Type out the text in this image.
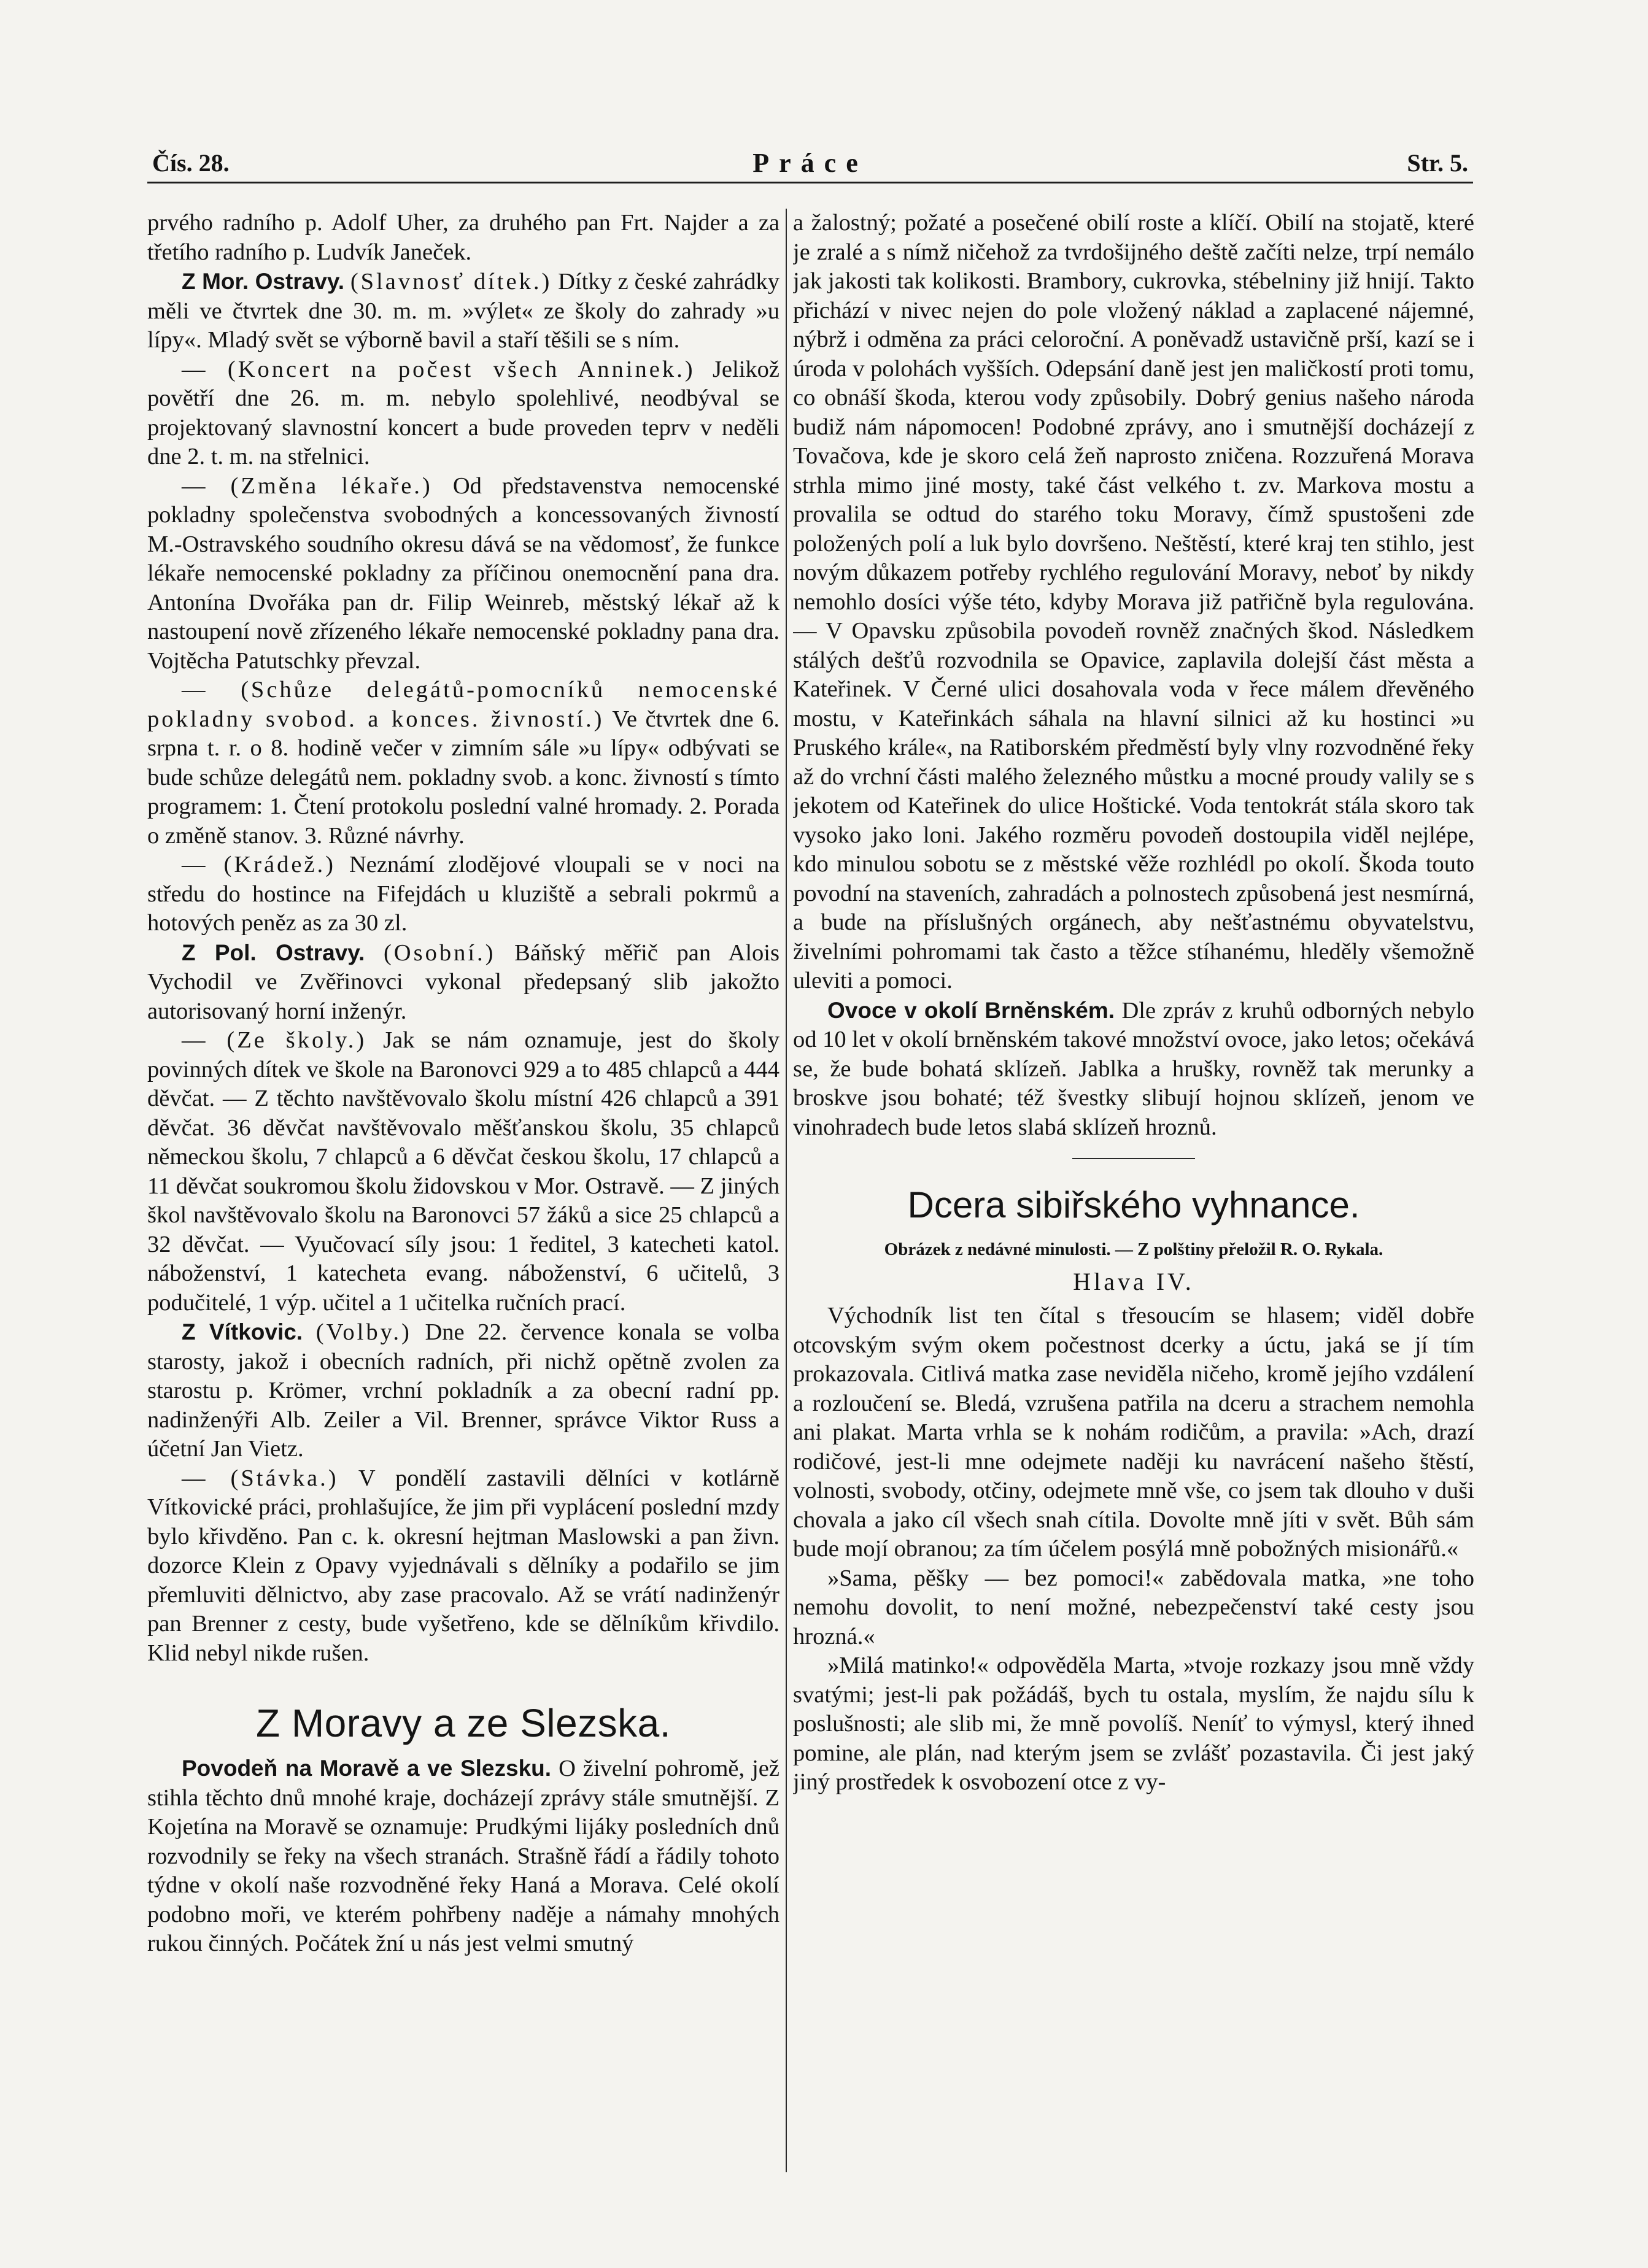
Čís. 28.	Práce	Str. 5.

prvého radního p. Adolf Uher, za druhého pan Frt. Najder a za třetího radního p. Ludvík Janeček.

Z Mor. Ostravy. (Slavnosť dítek.) Dítky z české zahrádky měli ve čtvrtek dne 30. m. m. »výlet« ze školy do zahrady »u lípy«. Mladý svět se výborně bavil a staří těšili se s ním.

— (Koncert na počest všech Anninek.) Jelikož povětří dne 26. m. m. nebylo spolehlivé, neodbýval se projektovaný slavnostní koncert a bude proveden teprv v neděli dne 2. t. m. na střelnici.

— (Změna lékaře.) Od představenstva nemocenské pokladny společenstva svobodných a koncessovaných živností M.-Ostravského soudního okresu dává se na vědomosť, že funkce lékaře nemocenské pokladny za příčinou onemocnění pana dra. Antonína Dvořáka pan dr. Filip Weinreb, městský lékař až k nastoupení nově zřízeného lékaře nemocenské pokladny pana dra. Vojtěcha Patutschky převzal.

— (Schůze delegátů-pomocníků nemocenské pokladny svobod. a konces. živností.) Ve čtvrtek dne 6. srpna t. r. o 8. hodině večer v zimním sále »u lípy« odbývati se bude schůze delegátů nem. pokladny svob. a konc. živností s tímto programem: 1. Čtení protokolu poslední valné hromady. 2. Porada o změně stanov. 3. Různé návrhy.

— (Krádež.) Neznámí zlodějové vloupali se v noci na středu do hostince na Fifejdách u kluziště a sebrali pokrmů a hotových peněz as za 30 zl.

Z Pol. Ostravy. (Osobní.) Báňský měřič pan Alois Vychodil ve Zvěřinovci vykonal předepsaný slib jakožto autorisovaný horní inženýr.

— (Ze školy.) Jak se nám oznamuje, jest do školy povinných dítek ve škole na Baronovci 929 a to 485 chlapců a 444 děvčat. — Z těchto navštěvovalo školu místní 426 chlapců a 391 děvčat. 36 děvčat navštěvovalo měšťanskou školu, 35 chlapců německou školu, 7 chlapců a 6 děvčat českou školu, 17 chlapců a 11 děvčat soukromou školu židovskou v Mor. Ostravě. — Z jiných škol navštěvovalo školu na Baronovci 57 žáků a sice 25 chlapců a 32 děvčat. — Vyučovací síly jsou: 1 ředitel, 3 katecheti katol. náboženství, 1 katecheta evang. náboženství, 6 učitelů, 3 podučitelé, 1 výp. učitel a 1 učitelka ručních prací.

Z Vítkovic. (Volby.) Dne 22. července konala se volba starosty, jakož i obecních radních, při nichž opětně zvolen za starostu p. Krömer, vrchní pokladník a za obecní radní pp. nadinženýři Alb. Zeiler a Vil. Brenner, správce Viktor Russ a účetní Jan Vietz.

— (Stávka.) V pondělí zastavili dělníci v kotlárně Vítkovické práci, prohlašujíce, že jim při vyplácení poslední mzdy bylo křivděno. Pan c. k. okresní hejtman Maslowski a pan živn. dozorce Klein z Opavy vyjednávali s dělníky a podařilo se jim přemluviti dělnictvo, aby zase pracovalo. Až se vrátí nadinženýr pan Brenner z cesty, bude vyšetřeno, kde se dělníkům křivdilo. Klid nebyl nikde rušen.

Z Moravy a ze Slezska.

Povodeň na Moravě a ve Slezsku. O živelní pohromě, jež stihla těchto dnů mnohé kraje, docházejí zprávy stále smutnější. Z Kojetína na Moravě se oznamuje: Prudkými lijáky posledních dnů rozvodnily se řeky na všech stranách. Strašně řádí a řádily tohoto týdne v okolí naše rozvodněné řeky Haná a Morava. Celé okolí podobno moři, ve kterém pohřbeny naděje a námahy mnohých rukou činných. Počátek žní u nás jest velmi smutný

a žalostný; požaté a posečené obilí roste a klíčí. Obilí na stojatě, které je zralé a s nímž ničehož za tvrdošijného deště začíti nelze, trpí nemálo jak jakosti tak kolikosti. Brambory, cukrovka, stébelniny již hnijí. Takto přichází v nivec nejen do pole vložený náklad a zaplacené nájemné, nýbrž i odměna za práci celoroční. A poněvadž ustavičně prší, kazí se i úroda v polohách vyšších. Odepsání daně jest jen maličkostí proti tomu, co obnáší škoda, kterou vody způsobily. Dobrý genius našeho národa budiž nám nápomocen! Podobné zprávy, ano i smutnější docházejí z Tovačova, kde je skoro celá žeň naprosto zničena. Rozzuřená Morava strhla mimo jiné mosty, také část velkého t. zv. Markova mostu a provalila se odtud do starého toku Moravy, čímž spustošeni zde položených polí a luk bylo dovršeno. Neštěstí, které kraj ten stihlo, jest novým důkazem potřeby rychlého regulování Moravy, neboť by nikdy nemohlo dosíci výše této, kdyby Morava již patřičně byla regulována. — V Opavsku způsobila povodeň rovněž značných škod. Následkem stálých dešťů rozvodnila se Opavice, zaplavila dolejší část města a Kateřinek. V Černé ulici dosahovala voda v řece málem dřevěného mostu, v Kateřinkách sáhala na hlavní silnici až ku hostinci »u Pruského krále«, na Ratiborském předměstí byly vlny rozvodněné řeky až do vrchní části malého železného můstku a mocné proudy valily se s jekotem od Kateřinek do ulice Hoštické. Voda tentokrát stála skoro tak vysoko jako loni. Jakého rozměru povodeň dostoupila viděl nejlépe, kdo minulou sobotu se z městské věže rozhlédl po okolí. Škoda touto povodní na staveních, zahradách a polnostech způsobená jest nesmírná, a bude na příslušných orgánech, aby nešťastnému obyvatelstvu, živelními pohromami tak často a těžce stíhanému, hleděly všemožně uleviti a pomoci.

Ovoce v okolí Brněnském. Dle zpráv z kruhů odborných nebylo od 10 let v okolí brněnském takové množství ovoce, jako letos; očekává se, že bude bohatá sklízeň. Jablka a hrušky, rovněž tak merunky a broskve jsou bohaté; též švestky slibují hojnou sklízeň, jenom ve vinohradech bude letos slabá sklízeň hroznů.

Dcera sibiřského vyhnance.
Obrázek z nedávné minulosti. — Z polštiny přeložil R. O. Rykala.
Hlava IV.

Východník list ten čítal s třesoucím se hlasem; viděl dobře otcovským svým okem počestnost dcerky a úctu, jaká se jí tím prokazovala. Citlivá matka zase neviděla ničeho, kromě jejího vzdálení a rozloučení se. Bledá, vzrušena patřila na dceru a strachem nemohla ani plakat. Marta vrhla se k nohám rodičům, a pravila: »Ach, drazí rodičové, jest-li mne odejmete naději ku navrácení našeho štěstí, volnosti, svobody, otčiny, odejmete mně vše, co jsem tak dlouho v duši chovala a jako cíl všech snah cítila. Dovolte mně jíti v svět. Bůh sám bude mojí obranou; za tím účelem posýlá mně pobožných misionářů.«

»Sama, pěšky — bez pomoci!« zabědovala matka, »ne toho nemohu dovolit, to není možné, nebezpečenství také cesty jsou hrozná.«

»Milá matinko!« odpověděla Marta, »tvoje rozkazy jsou mně vždy svatými; jest-li pak požádáš, bych tu ostala, myslím, že najdu sílu k poslušnosti; ale slib mi, že mně povolíš. Neníť to výmysl, který ihned pomine, ale plán, nad kterým jsem se zvlášť pozastavila. Či jest jaký jiný prostředek k osvobození otce z vy-
